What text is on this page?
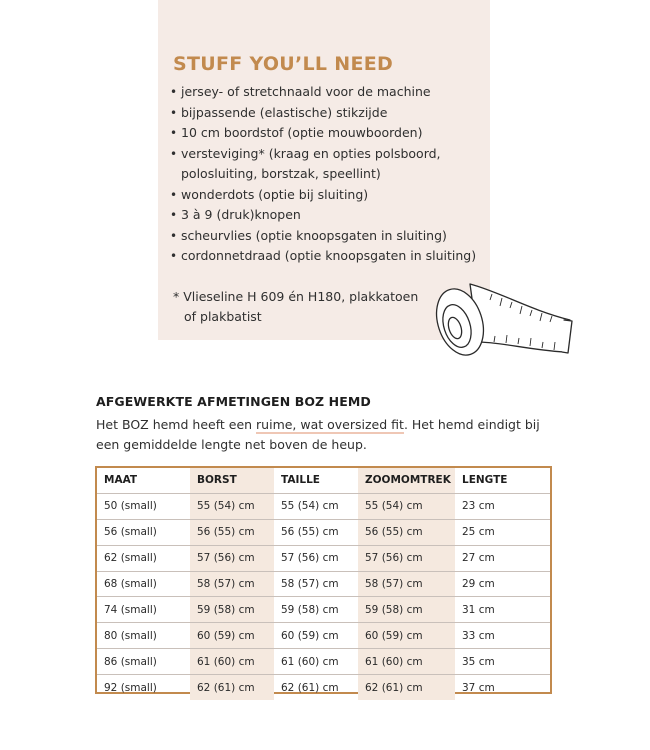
STUFF YOU’LL NEED
• jersey- of stretchnaald voor de machine
• bijpassende (elastische) stikzijde
• 10 cm boordstof (optie mouwboorden)
• versteviging* (kraag en opties polsboord, polosluiting, borstzak, speellint)
• wonderdots (optie bij sluiting)
• 3 à 9 (druk)knopen
• scheurvlies (optie knoopsgaten in sluiting)
• cordonnetdraad (optie knoopsgaten in sluiting)
* Vlieseline H 609 én H180, plakkatoen
of plakbatist
AFGEWERKTE AFMETINGEN BOZ HEMD

Het BOZ hemd heeft een ruime, wat oversized fit. Het hemd eindigt bij een gemiddelde lengte net boven de heup.

MAAT	BORST	TAILLE	ZOOMOMTREK	LENGTE
50 (small)	55 (54) cm	55 (54) cm	55 (54) cm	23 cm
56 (small)	56 (55) cm	56 (55) cm	56 (55) cm	25 cm
62 (small)	57 (56) cm	57 (56) cm	57 (56) cm	27 cm
68 (small)	58 (57) cm	58 (57) cm	58 (57) cm	29 cm
74 (small)	59 (58) cm	59 (58) cm	59 (58) cm	31 cm
80 (small)	60 (59) cm	60 (59) cm	60 (59) cm	33 cm
86 (small)	61 (60) cm	61 (60) cm	61 (60) cm	35 cm
92 (small)	62 (61) cm	62 (61) cm	62 (61) cm	37 cm
